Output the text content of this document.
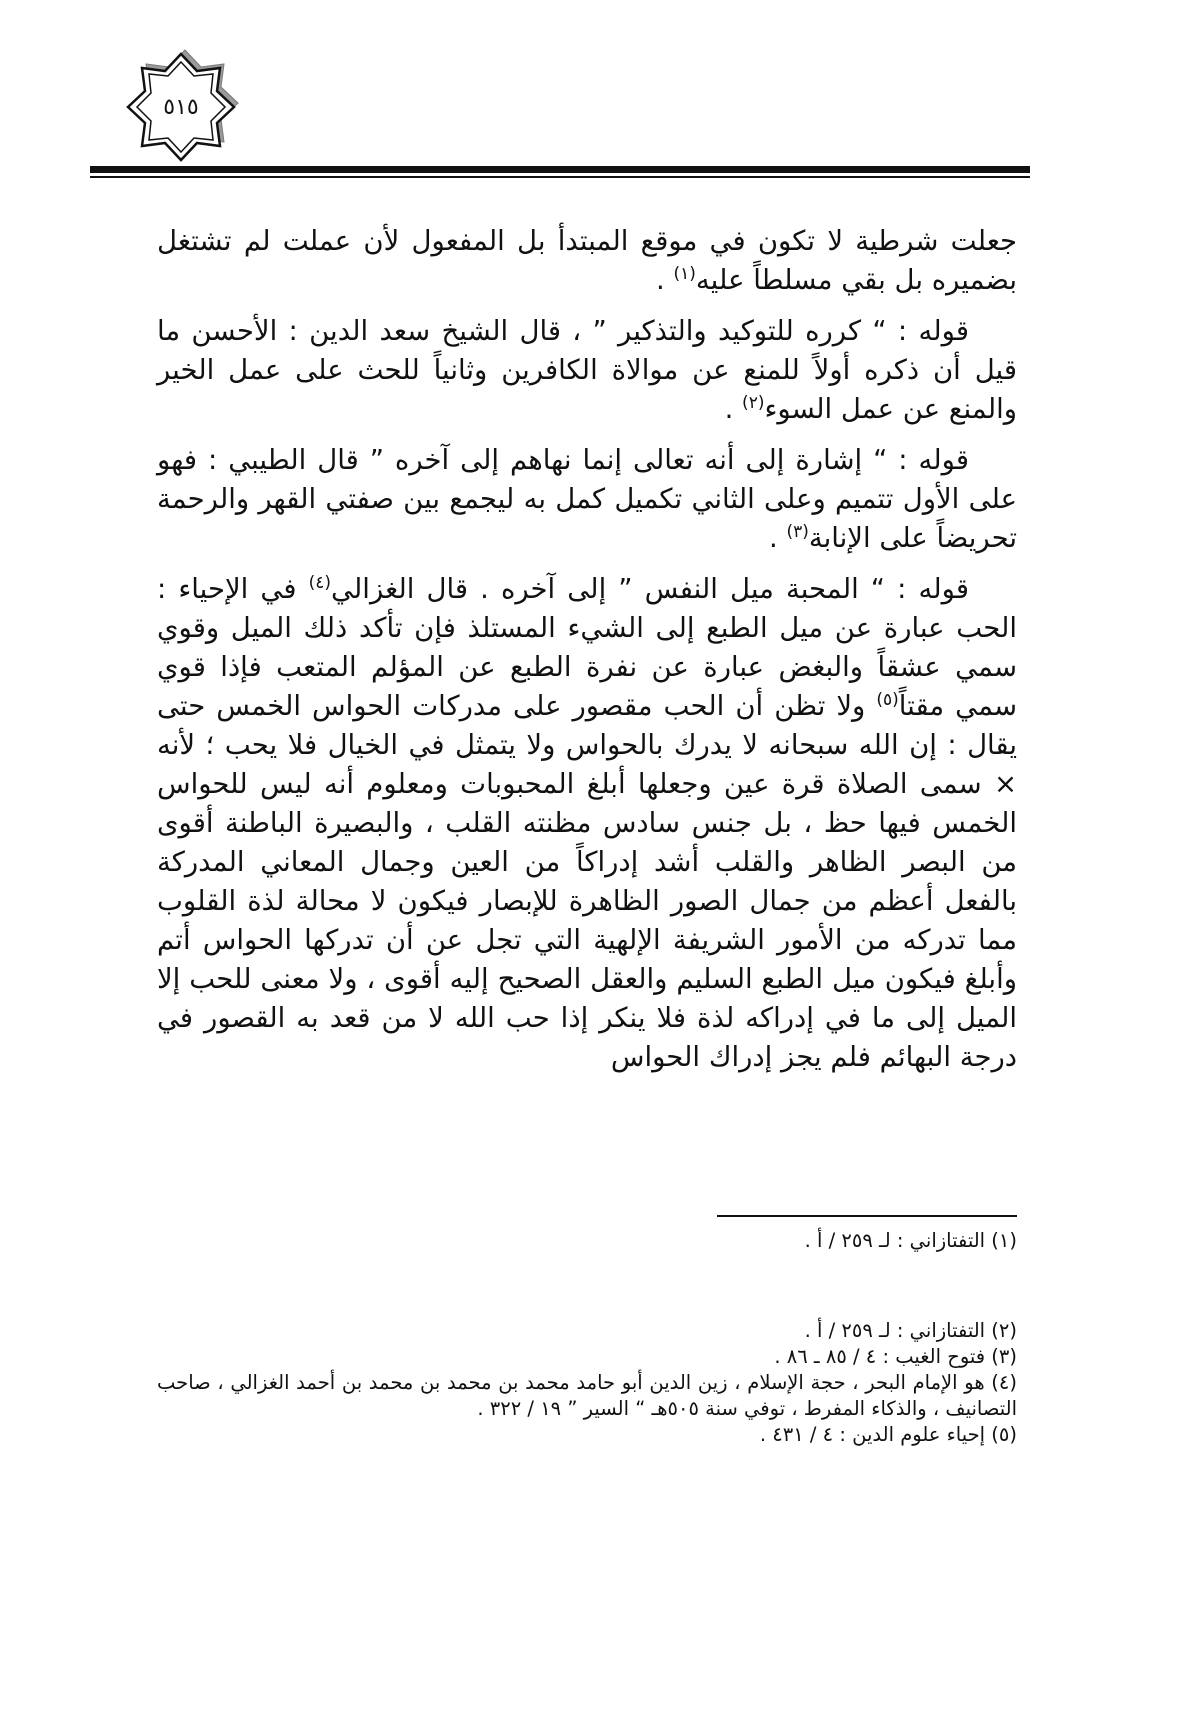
٥١٥

جعلت شرطية لا تكون في موقع المبتدأ بل المفعول لأن عملت لم تشتغل بضميره بل بقي مسلطاً عليه$^{(١)}$ .

قوله : “ كرره للتوكيد والتذكير ” ، قال الشيخ سعد الدين : الأحسن ما قيل أن ذكره أولاً للمنع عن موالاة الكافرين وثانياً للحث على عمل الخير والمنع عن عمل السوء$^{(٢)}$ .

قوله : “ إشارة إلى أنه تعالى إنما نهاهم إلى آخره ” قال الطيبي : فهو على الأول تتميم وعلى الثاني تكميل كمل به ليجمع بين صفتي القهر والرحمة تحريضاً على الإنابة$^{(٣)}$ .

قوله : “ المحبة ميل النفس ” إلى آخره . قال الغزالي$^{(٤)}$ في الإحياء : الحب عبارة عن ميل الطبع إلى الشيء المستلذ فإن تأكد ذلك الميل وقوي سمي عشقاً والبغض عبارة عن نفرة الطبع عن المؤلم المتعب فإذا قوي سمي مقتاً$^{(٥)}$ ولا تظن أن الحب مقصور على مدركات الحواس الخمس حتى يقال : إن الله سبحانه لا يدرك بالحواس ولا يتمثل في الخيال فلا يحب ؛ لأنه × سمى الصلاة قرة عين وجعلها أبلغ المحبوبات ومعلوم أنه ليس للحواس الخمس فيها حظ ، بل جنس سادس مظنته القلب ، والبصيرة الباطنة أقوى من البصر الظاهر والقلب أشد إدراكاً من العين وجمال المعاني المدركة بالفعل أعظم من جمال الصور الظاهرة للإبصار فيكون لا محالة لذة القلوب مما تدركه من الأمور الشريفة الإلهية التي تجل عن أن تدركها الحواس أتم وأبلغ فيكون ميل الطبع السليم والعقل الصحيح إليه أقوى ، ولا معنى للحب إلا الميل إلى ما في إدراكه لذة فلا ينكر إذا حب الله لا من قعد به القصور في درجة البهائم فلم يجز إدراك الحواس

(١) التفتازاني : لـ ٢٥٩ / أ .

(٢) التفتازاني : لـ ٢٥٩ / أ .

(٣) فتوح الغيب : ٤ / ٨٥ ـ ٨٦ .

(٤) هو الإمام البحر ، حجة الإسلام ، زين الدين أبو حامد محمد بن محمد بن محمد بن أحمد الغزالي ، صاحب التصانيف ، والذكاء المفرط ، توفي سنة ٥٠٥هـ “ السير ” ١٩ / ٣٢٢ .

(٥) إحياء علوم الدين : ٤ / ٤٣١ .
